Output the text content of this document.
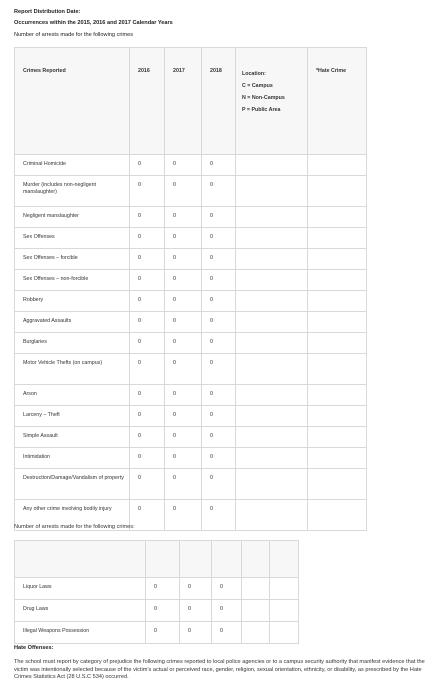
Report Distribution Date:
Occurrences within the 2015, 2016 and 2017 Calendar Years
Number of arrests made for the following crimes
Crimes Reported	2016	2017	2018	Location:
C = Campus
N = Non-Campus
P = Public Area	*Hate Crime

Criminal Homicide	0	0	0		
Murder (includes non-negligent manslaughter)	0	0	0		
Negligent manslaughter	0	0	0		
Sex Offenses	0	0	0		
Sex Offenses – forcible	0	0	0		
Sex Offenses – non-forcible	0	0	0		
Robbery	0	0	0		
Aggravated Assaults	0	0	0		
Burglaries	0	0	0		
Motor Vehicle Thefts (on campus)	0	0	0		
Arson	0	0	0		
Larceny – Theft	0	0	0		
Simple Assault	0	0	0		
Intimidation	0	0	0		
Destruction/Damage/Vandalism of property	0	0	0		
Any other crime involving bodily injury	0	0	0		
Number of arrests made for the following crimes:

Liquor Laws	0	0	0		
Drug Laws	0	0	0		
Illegal Weapons Possession	0	0	0		
Hate Offenses:
The school must report by category of prejudice the following crimes reported to local police agencies or to a campus security authority that manifest evidence that the victim was intentionally selected because of the victim’s actual or perceived race, gender, religion, sexual orientation, ethnicity, or disability, as prescribed by the Hate Crimes Statistics Act (28 U.S.C 534) occurred.
